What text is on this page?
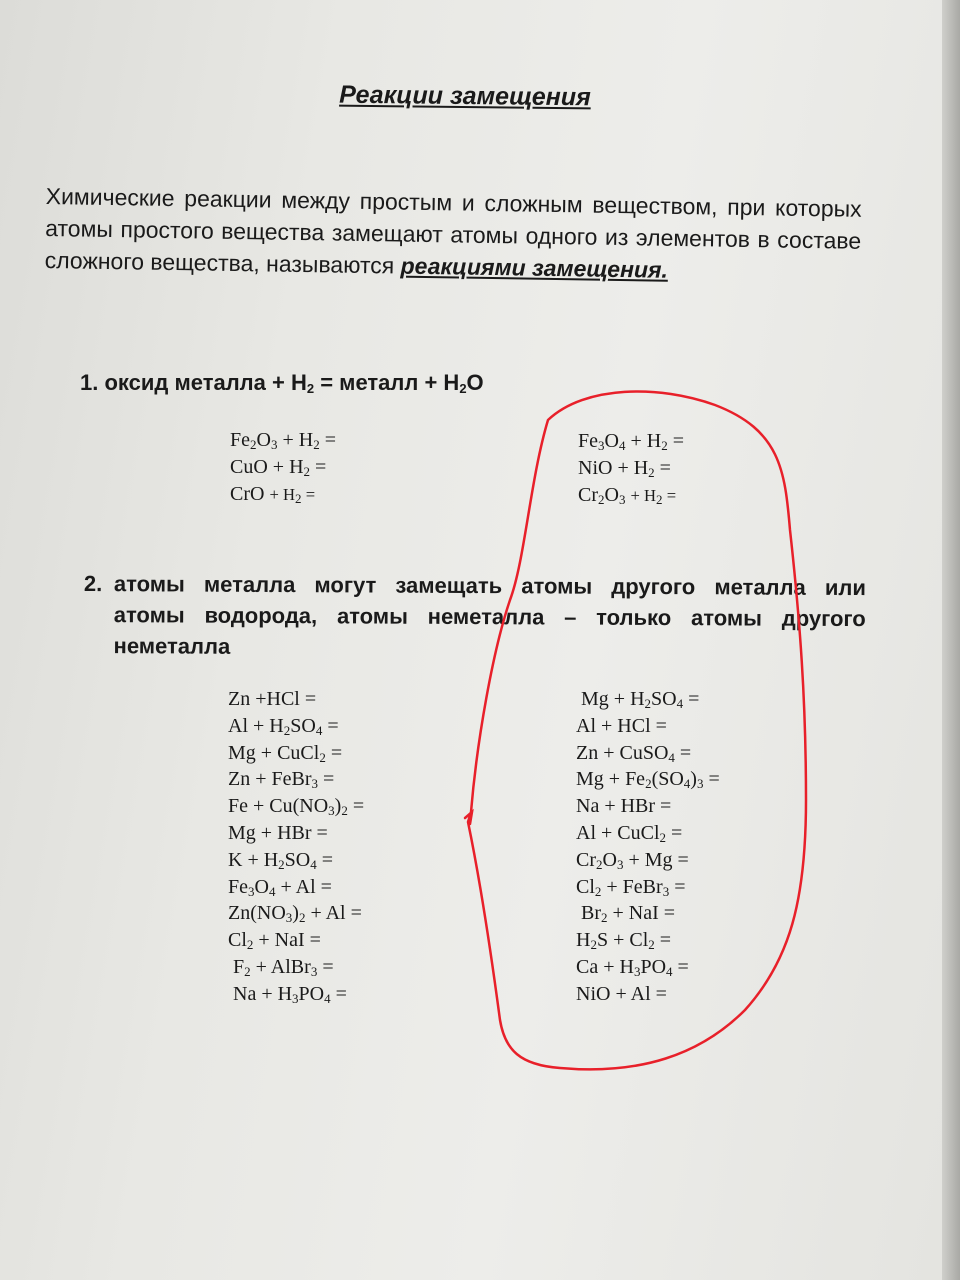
Реакции замещения
Химические реакции между простым и сложным веществом, при которых атомы простого вещества замещают атомы одного из элементов в составе сложного вещества, называются реакциями замещения.
1. оксид металла + $H_2$ = металл + $H_2O$
$Fe_2O_3 + H_2$ =
CuO + $H_2$ =
CrO + $H_2$ =
$Fe_3O_4 + H_2$ =
NiO + $H_2$ =
$Cr_2O_3 + H_2$ =
2. атомы металла могут замещать атомы другого металла или
атомы водорода, атомы неметалла – только атомы другого
неметалла
Zn +HCl =
$Al + H_2SO_4$ =
Mg + CuCl$_2$ =
Zn + FeBr$_3$ =
$Fe + Cu(NO_3)_2$ =
Mg + HBr =
$K + H_2SO_4$ =
$Fe_3O_4 + Al$ =
$Zn(NO_3)_2 + Al$ =
$Cl_2$ + NaI =
$F_2$ + AlBr$_3$ =
$Na + H_3PO_4$ =
$Mg + H_2SO_4$ =
Al + HCl =
Zn + CuSO$_4$ =
$Mg + Fe_2(SO_4)_3$ =
Na + HBr =
Al + CuCl$_2$ =
$Cr_2O_3 + Mg$ =
$Cl_2$ + FeBr$_3$ =
$Br_2$ + NaI =
$H_2S + Cl_2$ =
$Ca + H_3PO_4$ =
NiO + Al =
